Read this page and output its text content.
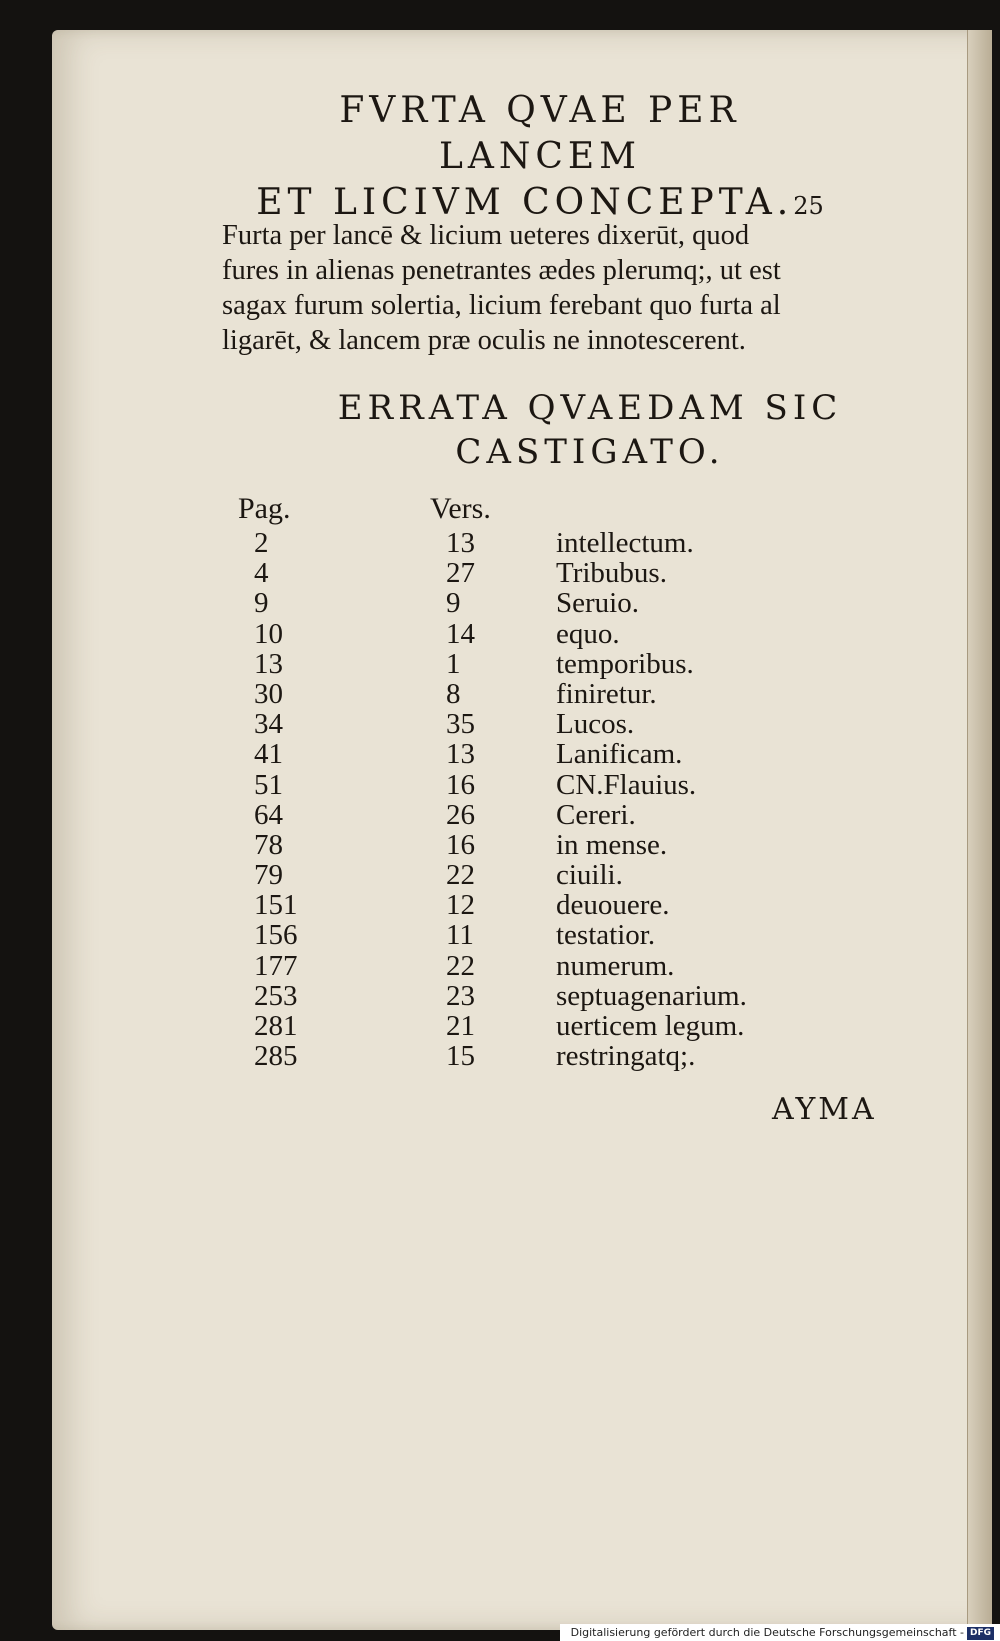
FVRTA QVAE PER LANCEM
ET LICIVM CONCEPTA.25
Furta per lancē & licium ueteres dixerūt, quod
fures in alienas penetrantes ædes plerumq;, ut est
sagax furum solertia, licium ferebant quo furta al
ligarēt, & lancem præ oculis ne innotescerent.
ERRATA QVAEDAM SIC
CASTIGATO.
Pag.	Vers.
2	13	intellectum.
4	27	Tribubus.
9	9	Seruio.
10	14	equo.
13	1	temporibus.
30	8	finiretur.
34	35	Lucos.
41	13	Lanificam.
51	16	CN.Flauius.
64	26	Cereri.
78	16	in mense.
79	22	ciuili.
151	12	deuouere.
156	11	testatior.
177	22	numerum.
253	23	septuagenarium.
281	21	uerticem legum.
285	15	restringatq;.
AYMA
Digitalisierung gefördert durch die Deutsche Forschungsgemeinschaft - DFG
